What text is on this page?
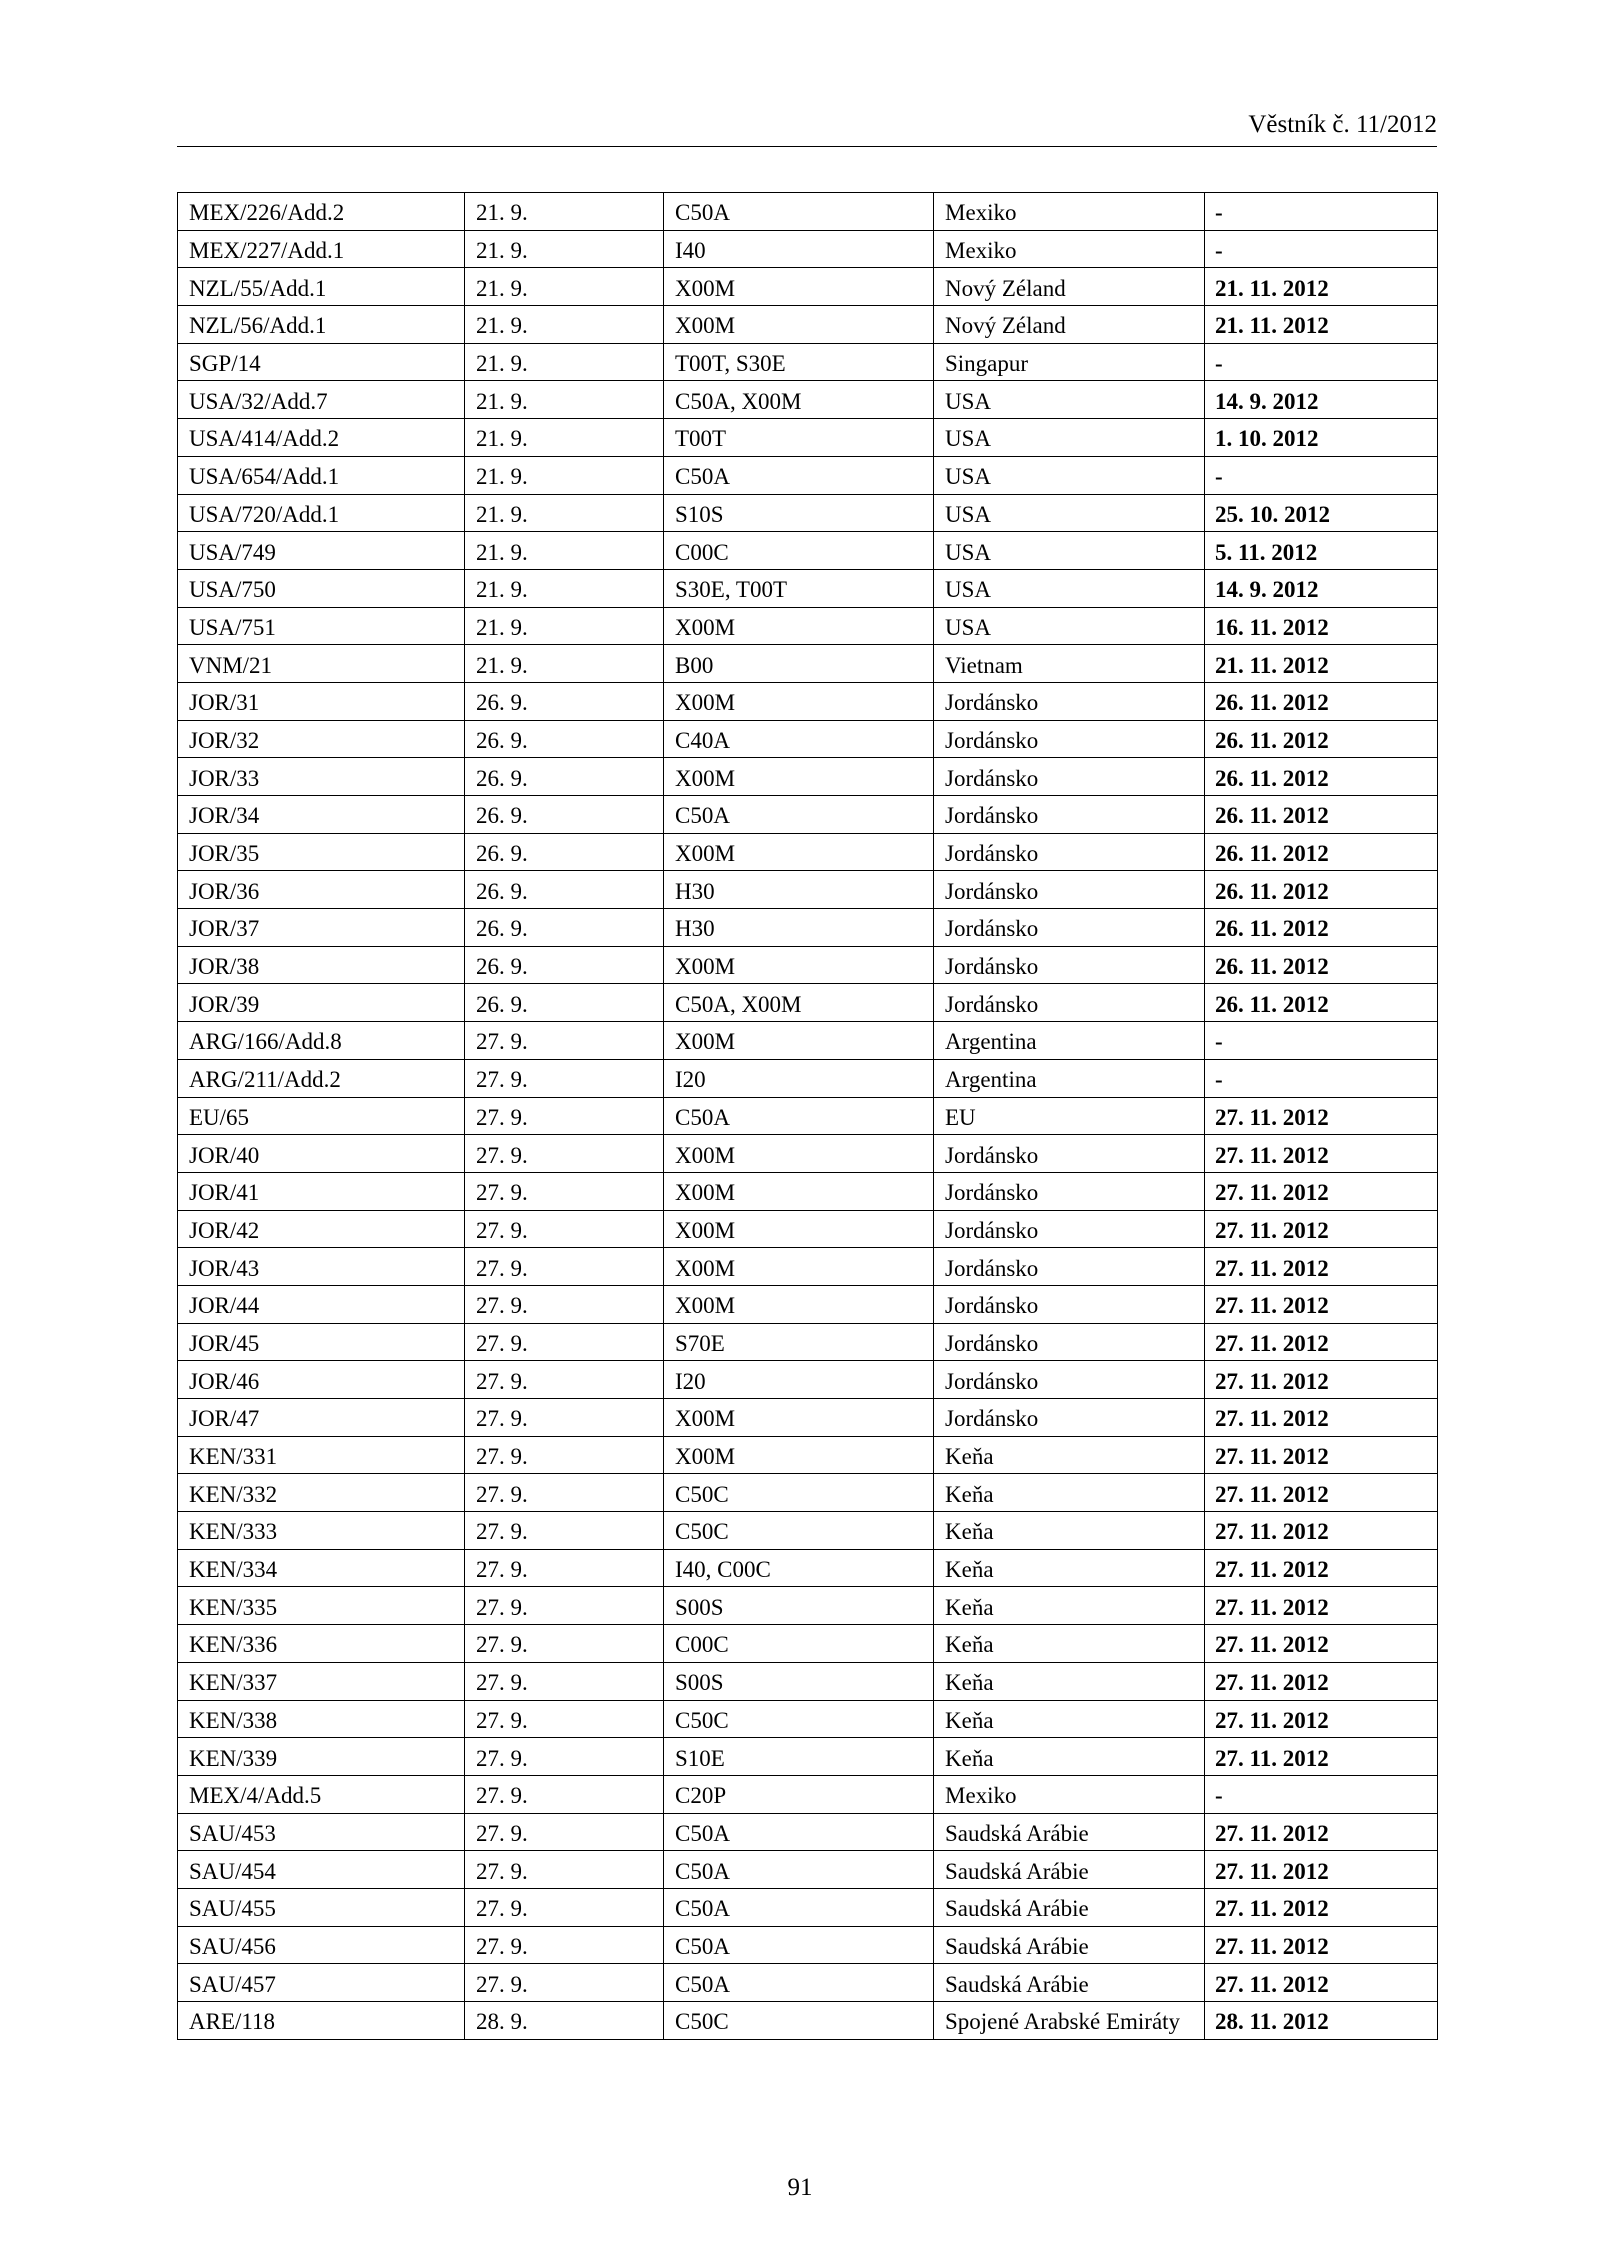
Věstník č. 11/2012
MEX/226/Add.2	21. 9.	C50A	Mexiko	-
MEX/227/Add.1	21. 9.	I40	Mexiko	-
NZL/55/Add.1	21. 9.	X00M	Nový Zéland	21. 11. 2012
NZL/56/Add.1	21. 9.	X00M	Nový Zéland	21. 11. 2012
SGP/14	21. 9.	T00T, S30E	Singapur	-
USA/32/Add.7	21. 9.	C50A, X00M	USA	14. 9. 2012
USA/414/Add.2	21. 9.	T00T	USA	1. 10. 2012
USA/654/Add.1	21. 9.	C50A	USA	-
USA/720/Add.1	21. 9.	S10S	USA	25. 10. 2012
USA/749	21. 9.	C00C	USA	5. 11. 2012
USA/750	21. 9.	S30E, T00T	USA	14. 9. 2012
USA/751	21. 9.	X00M	USA	16. 11. 2012
VNM/21	21. 9.	B00	Vietnam	21. 11. 2012
JOR/31	26. 9.	X00M	Jordánsko	26. 11. 2012
JOR/32	26. 9.	C40A	Jordánsko	26. 11. 2012
JOR/33	26. 9.	X00M	Jordánsko	26. 11. 2012
JOR/34	26. 9.	C50A	Jordánsko	26. 11. 2012
JOR/35	26. 9.	X00M	Jordánsko	26. 11. 2012
JOR/36	26. 9.	H30	Jordánsko	26. 11. 2012
JOR/37	26. 9.	H30	Jordánsko	26. 11. 2012
JOR/38	26. 9.	X00M	Jordánsko	26. 11. 2012
JOR/39	26. 9.	C50A, X00M	Jordánsko	26. 11. 2012
ARG/166/Add.8	27. 9.	X00M	Argentina	-
ARG/211/Add.2	27. 9.	I20	Argentina	-
EU/65	27. 9.	C50A	EU	27. 11. 2012
JOR/40	27. 9.	X00M	Jordánsko	27. 11. 2012
JOR/41	27. 9.	X00M	Jordánsko	27. 11. 2012
JOR/42	27. 9.	X00M	Jordánsko	27. 11. 2012
JOR/43	27. 9.	X00M	Jordánsko	27. 11. 2012
JOR/44	27. 9.	X00M	Jordánsko	27. 11. 2012
JOR/45	27. 9.	S70E	Jordánsko	27. 11. 2012
JOR/46	27. 9.	I20	Jordánsko	27. 11. 2012
JOR/47	27. 9.	X00M	Jordánsko	27. 11. 2012
KEN/331	27. 9.	X00M	Keňa	27. 11. 2012
KEN/332	27. 9.	C50C	Keňa	27. 11. 2012
KEN/333	27. 9.	C50C	Keňa	27. 11. 2012
KEN/334	27. 9.	I40, C00C	Keňa	27. 11. 2012
KEN/335	27. 9.	S00S	Keňa	27. 11. 2012
KEN/336	27. 9.	C00C	Keňa	27. 11. 2012
KEN/337	27. 9.	S00S	Keňa	27. 11. 2012
KEN/338	27. 9.	C50C	Keňa	27. 11. 2012
KEN/339	27. 9.	S10E	Keňa	27. 11. 2012
MEX/4/Add.5	27. 9.	C20P	Mexiko	-
SAU/453	27. 9.	C50A	Saudská Arábie	27. 11. 2012
SAU/454	27. 9.	C50A	Saudská Arábie	27. 11. 2012
SAU/455	27. 9.	C50A	Saudská Arábie	27. 11. 2012
SAU/456	27. 9.	C50A	Saudská Arábie	27. 11. 2012
SAU/457	27. 9.	C50A	Saudská Arábie	27. 11. 2012
ARE/118	28. 9.	C50C	Spojené Arabské Emiráty	28. 11. 2012
91
